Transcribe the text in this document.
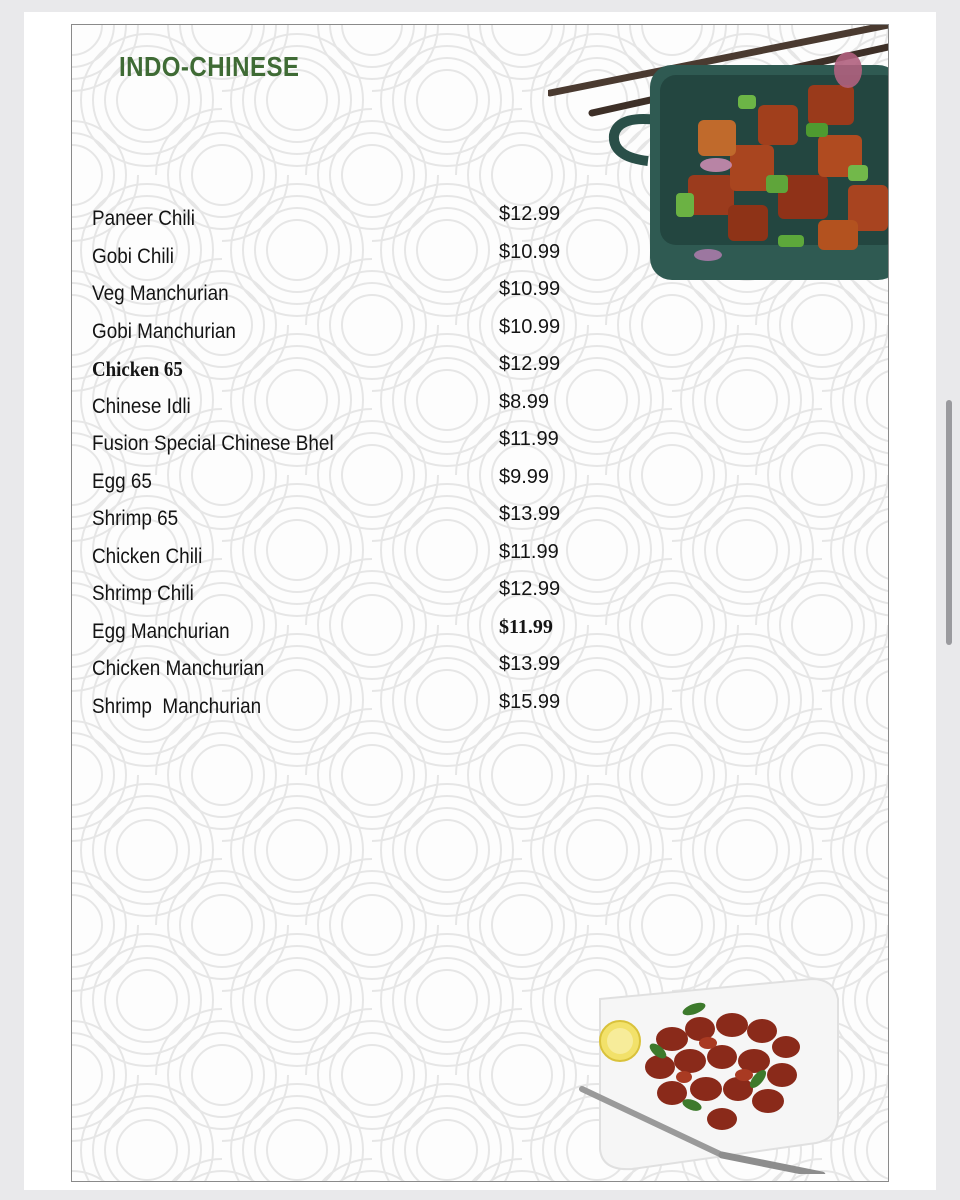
INDO-CHINESE
Paneer Chili	$12.99
Gobi Chili	$10.99
Veg Manchurian	$10.99
Gobi Manchurian	$10.99
Chicken 65	$12.99
Chinese Idli	$8.99
Fusion Special Chinese Bhel	$11.99
Egg 65	$9.99
Shrimp 65	$13.99
Chicken Chili	$11.99
Shrimp Chili	$12.99
Egg Manchurian	$11.99
Chicken Manchurian	$13.99
Shrimp  Manchurian	$15.99
